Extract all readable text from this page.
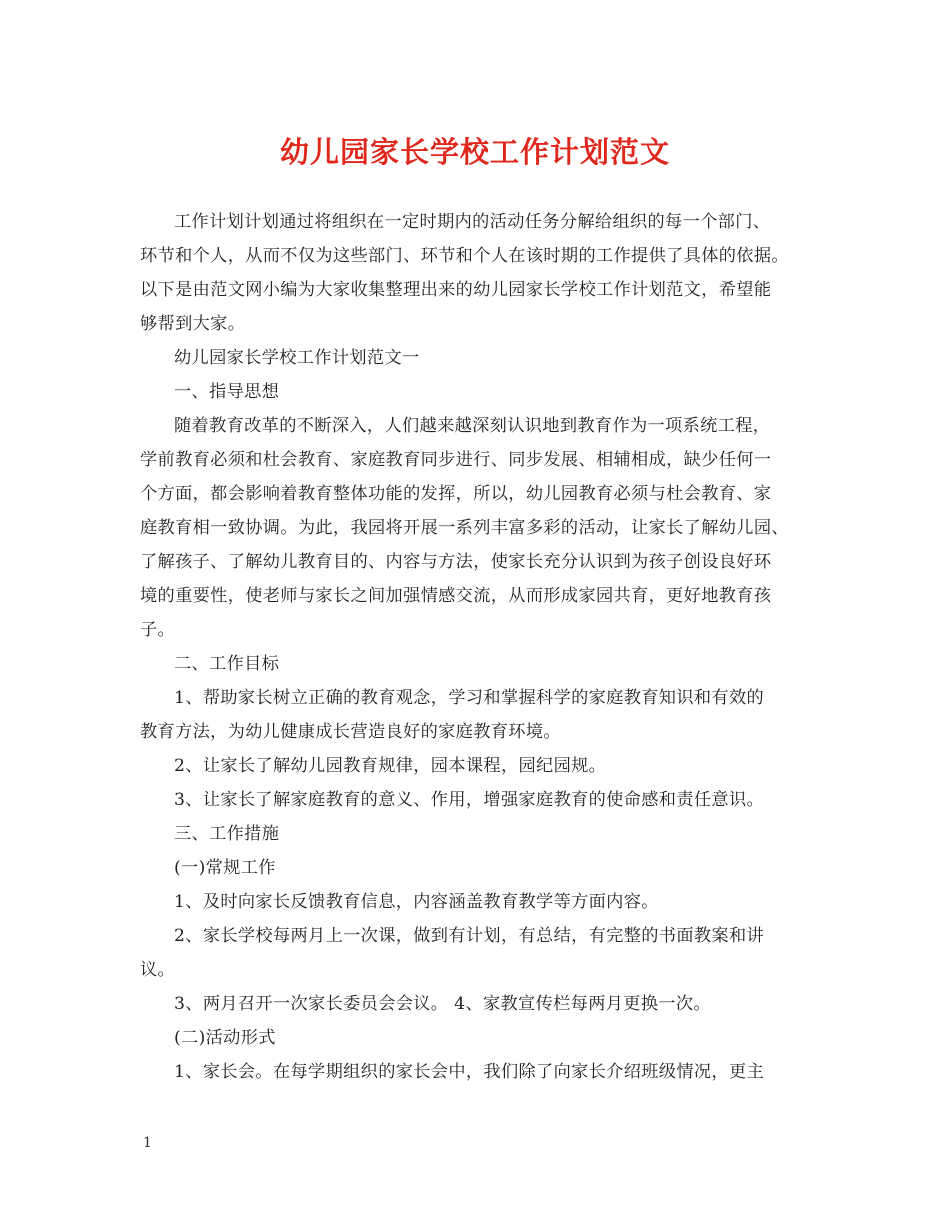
幼儿园家长学校工作计划范文
工作计划计划通过将组织在一定时期内的活动任务分解给组织的每一个部门、
环节和个人，从而不仅为这些部门、环节和个人在该时期的工作提供了具体的依据。
以下是由范文网小编为大家收集整理出来的幼儿园家长学校工作计划范文，希望能
够帮到大家。
幼儿园家长学校工作计划范文一
一、指导思想
随着教育改革的不断深入，人们越来越深刻认识地到教育作为一项系统工程，
学前教育必须和杜会教育、家庭教育同步进行、同步发展、相辅相成，缺少任何一
个方面，都会影响着教育整体功能的发挥，所以，幼儿园教育必须与杜会教育、家
庭教育相一致协调。为此，我园将开展一系列丰富多彩的活动，让家长了解幼儿园、
了解孩子、了解幼儿教育目的、内容与方法，使家长充分认识到为孩子创设良好环
境的重要性，使老师与家长之间加强情感交流，从而形成家园共育，更好地教育孩
子。
二、工作目标
1、帮助家长树立正确的教育观念，学习和掌握科学的家庭教育知识和有效的
教育方法，为幼儿健康成长营造良好的家庭教育环境。
2、让家长了解幼儿园教育规律，园本课程，园纪园规。
3、让家长了解家庭教育的意义、作用，增强家庭教育的使命感和责任意识。
三、工作措施
(一)常规工作
1、及时向家长反馈教育信息，内容涵盖教育教学等方面内容。
2、家长学校每两月上一次课，做到有计划，有总结，有完整的书面教案和讲
议。
3、两月召开一次家长委员会会议。 4、家教宣传栏每两月更换一次。
(二)活动形式
1、家长会。在每学期组织的家长会中，我们除了向家长介绍班级情况，更主
1
